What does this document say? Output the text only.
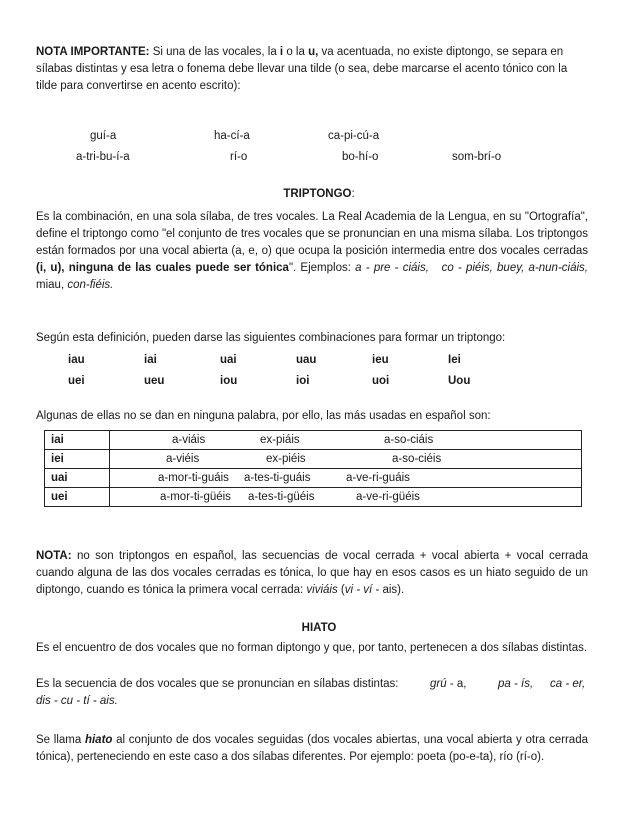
NOTA IMPORTANTE: Si una de las vocales, la i o la u, va acentuada, no existe diptongo, se separa en sílabas distintas y esa letra o fonema debe llevar una tilde (o sea, debe marcarse el acento tónico con la tilde para convertirse en acento escrito):

guí-a	ha-cí-a	ca-pi-cú-a
a-tri-bu-í-a	rí-o	bo-hí-o	som-brí-o
TRIPTONGO:

Es la combinación, en una sola sílaba, de tres vocales. La Real Academia de la Lengua, en su "Ortografía", define el triptongo como "el conjunto de tres vocales que se pronuncian en una misma sílaba. Los triptongos están formados por una vocal abierta (a, e, o) que ocupa la posición intermedia entre dos vocales cerradas (i, u), ninguna de las cuales puede ser tónica". Ejemplos: a - pre - ciáis, co - piéis, buey, a-nun-ciáis, miau, con-fiéis.

Según esta definición, pueden darse las siguientes combinaciones para formar un triptongo:

iau	iai	uai	uau	ieu	Iei
uei	ueu	iou	ioi	uoi	Uou

Algunas de ellas no se dan en ninguna palabra, por ello, las más usadas en español son:

iai	a-viáis ex-piáis a-so-ciáis

iei	a-viéis ex-piéis a-so-ciéis

uai	a-mor-ti-guáis a-tes-ti-guáis a-ve-ri-guáis

uei	a-mor-ti-güéis a-tes-ti-güéis a-ve-ri-güéis

NOTA: no son triptongos en español, las secuencias de vocal cerrada + vocal abierta + vocal cerrada cuando alguna de las dos vocales cerradas es tónica, lo que hay en esos casos es un hiato seguido de un diptongo, cuando es tónica la primera vocal cerrada: viviáis (vi - ví - ais).

HIATO

Es el encuentro de dos vocales que no forman diptongo y que, por tanto, pertenecen a dos sílabas distintas.

Es la secuencia de dos vocales que se pronuncian en sílabas distintas:	grú - a,	pa - ís, ca - er,
dis - cu - tí - ais.

Se llama hiato al conjunto de dos vocales seguidas (dos vocales abiertas, una vocal abierta y otra cerrada tónica), perteneciendo en este caso a dos sílabas diferentes. Por ejemplo: poeta (po-e-ta), río (rí-o).
